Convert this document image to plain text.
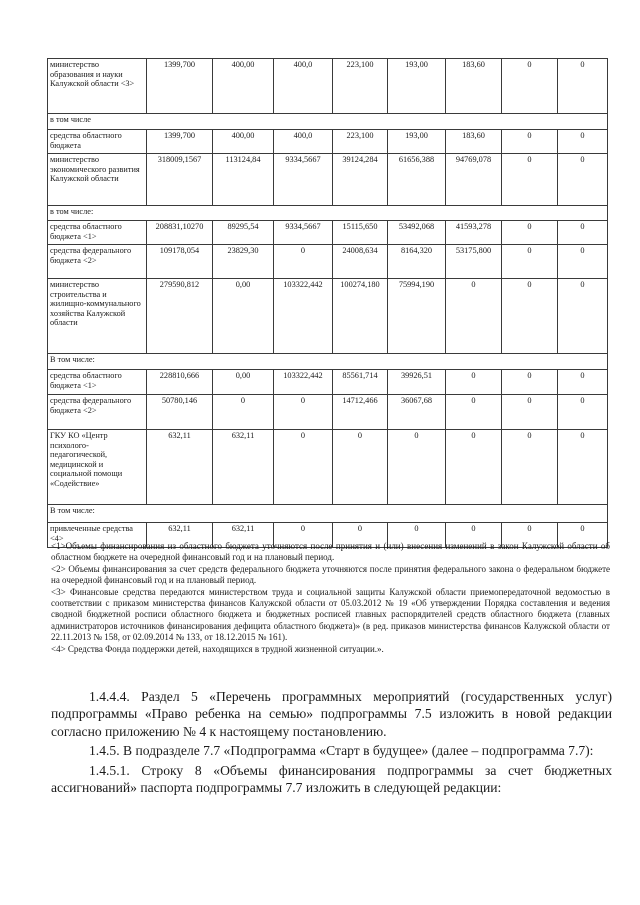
министерство образования и науки Калужской области <3>	1399,700	400,00	400,0	223,100	193,00	183,60	0	0
в том числе								
средства областного бюджета	1399,700	400,00	400,0	223,100	193,00	183,60	0	0
министерство экономического развития Калужской области	318009,1567	113124,84	9334,5667	39124,284	61656,388	94769,078	0	0
в том числе:								
средства областного бюджета <1>	208831,10270	89295,54	9334,5667	15115,650	53492,068	41593,278	0	0
средства федерального бюджета <2>	109178,054	23829,30	0	24008,634	8164,320	53175,800	0	0
министерство строительства и жилищно-коммунального хозяйства Калужской области	279590,812	0,00	103322,442	100274,180	75994,190	0	0	0
В том числе:								
средства областного бюджета <1>	228810,666	0,00	103322,442	85561,714	39926,51	0	0	0
средства федерального бюджета <2>	50780,146	0	0	14712,466	36067,68	0	0	0
ГКУ КО «Центр психолого-педагогической, медицинской и социальной помощи «Содействие»	632,11	632,11	0	0	0	0	0	0
В том числе:								
привлеченные средства <4>	632,11	632,11	0	0	0	0	0	0

<1>Объемы финансирования из областного бюджета уточняются после принятия и (или) внесения изменений в закон Калужской области об областном бюджете на очередной финансовый год и на плановый период.

<2> Объемы финансирования за счет средств федерального бюджета уточняются после принятия федерального закона о федеральном бюджете на очередной финансовый год и на плановый период.

<3> Финансовые средства передаются министерством труда и социальной защиты Калужской области приемопередаточной ведомостью в соответствии с приказом министерства финансов Калужской области от 05.03.2012 № 19 «Об утверждении Порядка составления и ведения сводной бюджетной росписи областного бюджета и бюджетных росписей главных распорядителей средств областного бюджета (главных администраторов источников финансирования дефицита областного бюджета)» (в ред. приказов министерства финансов Калужской области от 22.11.2013 № 158, от 02.09.2014 № 133, от 18.12.2015 № 161).

<4> Средства Фонда поддержки детей, находящихся в трудной жизненной ситуации.».

1.4.4.4. Раздел 5 «Перечень программных мероприятий (государственных услуг) подпрограммы «Право ребенка на семью» подпрограммы 7.5 изложить в новой редакции согласно приложению № 4 к настоящему постановлению.

1.4.5. В подразделе 7.7 «Подпрограмма «Старт в будущее» (далее – подпрограмма 7.7):

1.4.5.1. Строку 8 «Объемы финансирования подпрограммы за счет бюджетных ассигнований» паспорта подпрограммы 7.7 изложить в следующей редакции:
